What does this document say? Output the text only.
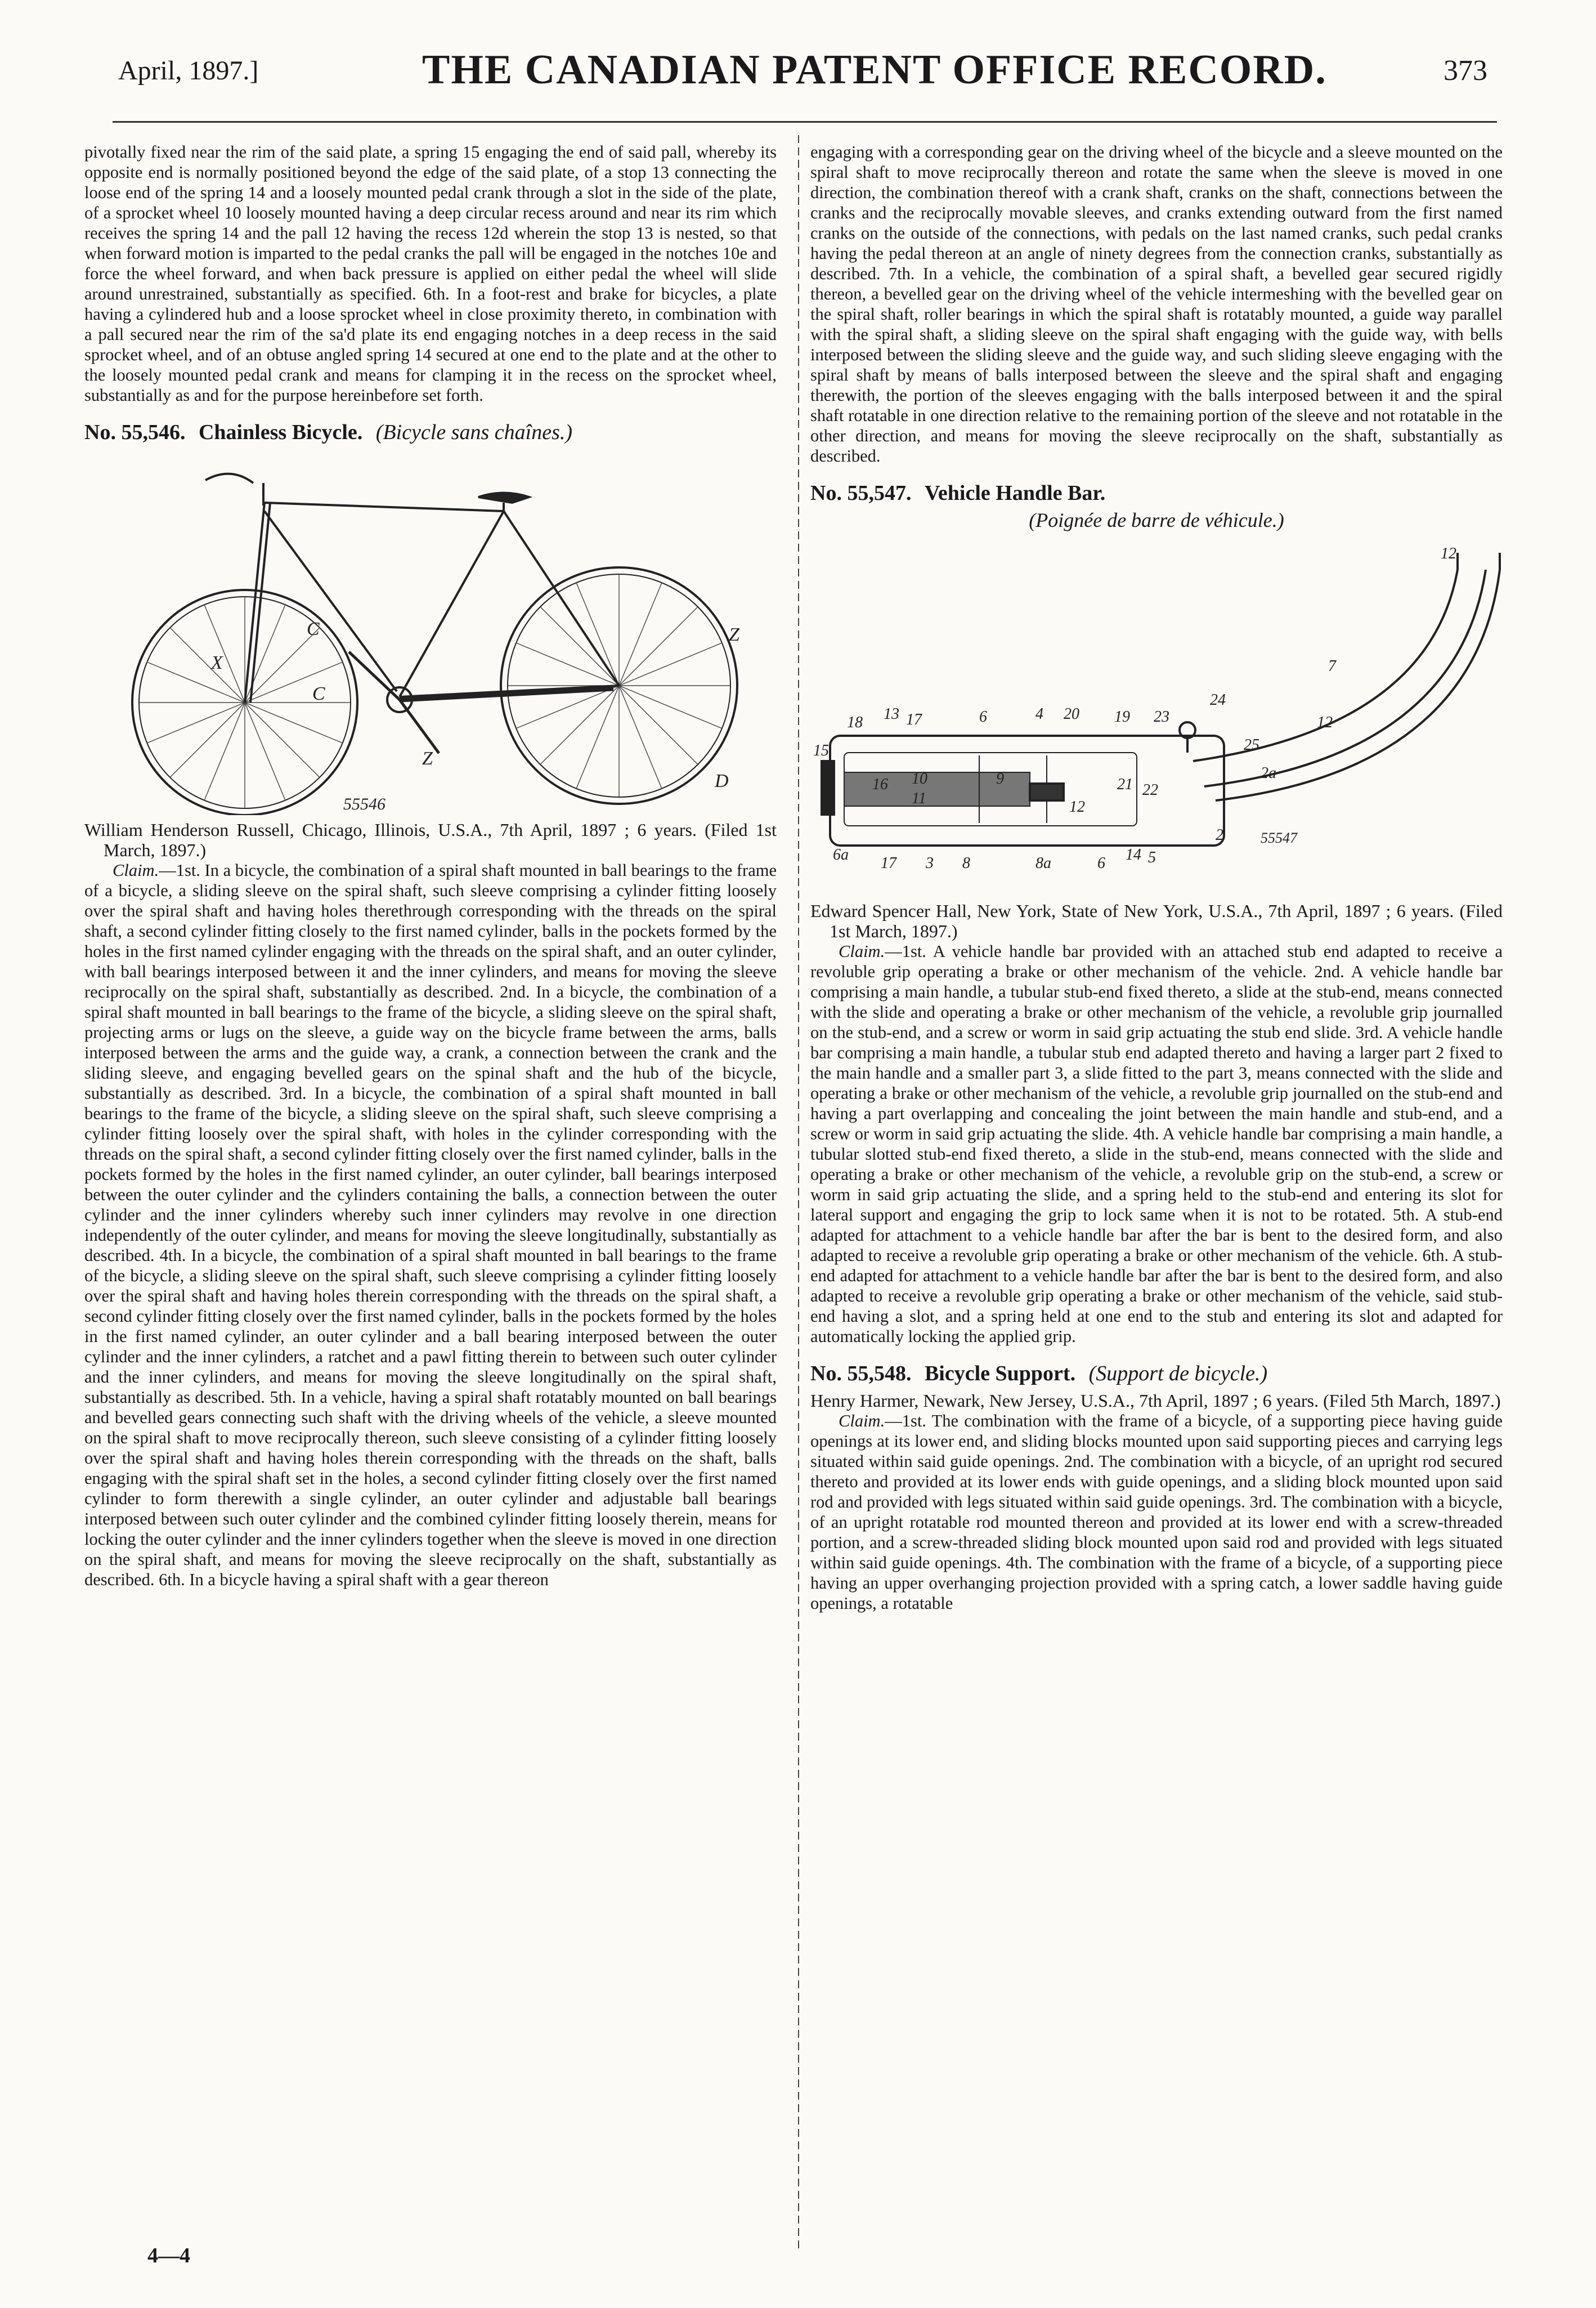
April, 1897.]	THE CANADIAN PATENT OFFICE RECORD.	373

pivotally fixed near the rim of the said plate, a spring 15 engaging the end of said pall, whereby its opposite end is normally positioned beyond the edge of the said plate, of a stop 13 connecting the loose end of the spring 14 and a loosely mounted pedal crank through a slot in the side of the plate, of a sprocket wheel 10 loosely mounted having a deep circular recess around and near its rim which receives the spring 14 and the pall 12 having the recess 12d wherein the stop 13 is nested, so that when forward motion is imparted to the pedal cranks the pall will be engaged in the notches 10e and force the wheel forward, and when back pressure is applied on either pedal the wheel will slide around unrestrained, substantially as specified. 6th. In a foot-rest and brake for bicycles, a plate having a cylindered hub and a loose sprocket wheel in close proximity thereto, in combination with a pall secured near the rim of the sa'd plate its end engaging notches in a deep recess in the said sprocket wheel, and of an obtuse angled spring 14 secured at one end to the plate and at the other to the loosely mounted pedal crank and means for clamping it in the recess on the sprocket wheel, substantially as and for the purpose hereinbefore set forth.

No. 55,546. Chainless Bicycle. (Bicycle sans chaînes.)
C
X
C
Z
Z
D
55546

William Henderson Russell, Chicago, Illinois, U.S.A., 7th April, 1897 ; 6 years. (Filed 1st March, 1897.)

Claim.—1st. In a bicycle, the combination of a spiral shaft mounted in ball bearings to the frame of a bicycle, a sliding sleeve on the spiral shaft, such sleeve comprising a cylinder fitting loosely over the spiral shaft and having holes therethrough corresponding with the threads on the spiral shaft, a second cylinder fitting closely to the first named cylinder, balls in the pockets formed by the holes in the first named cylinder engaging with the threads on the spiral shaft, and an outer cylinder, with ball bearings interposed between it and the inner cylinders, and means for moving the sleeve reciprocally on the spiral shaft, substantially as described. 2nd. In a bicycle, the combination of a spiral shaft mounted in ball bearings to the frame of the bicycle, a sliding sleeve on the spiral shaft, projecting arms or lugs on the sleeve, a guide way on the bicycle frame between the arms, balls interposed between the arms and the guide way, a crank, a connection between the crank and the sliding sleeve, and engaging bevelled gears on the spinal shaft and the hub of the bicycle, substantially as described. 3rd. In a bicycle, the combination of a spiral shaft mounted in ball bearings to the frame of the bicycle, a sliding sleeve on the spiral shaft, such sleeve comprising a cylinder fitting loosely over the spiral shaft, with holes in the cylinder corresponding with the threads on the spiral shaft, a second cylinder fitting closely over the first named cylinder, balls in the pockets formed by the holes in the first named cylinder, an outer cylinder, ball bearings interposed between the outer cylinder and the cylinders containing the balls, a connection between the outer cylinder and the inner cylinders whereby such inner cylinders may revolve in one direction independently of the outer cylinder, and means for moving the sleeve longitudinally, substantially as described. 4th. In a bicycle, the combination of a spiral shaft mounted in ball bearings to the frame of the bicycle, a sliding sleeve on the spiral shaft, such sleeve comprising a cylinder fitting loosely over the spiral shaft and having holes therein corresponding with the threads on the spiral shaft, a second cylinder fitting closely over the first named cylinder, balls in the pockets formed by the holes in the first named cylinder, an outer cylinder and a ball bearing interposed between the outer cylinder and the inner cylinders, a ratchet and a pawl fitting therein to between such outer cylinder and the inner cylinders, and means for moving the sleeve longitudinally on the spiral shaft, substantially as described. 5th. In a vehicle, having a spiral shaft rotatably mounted on ball bearings and bevelled gears connecting such shaft with the driving wheels of the vehicle, a sleeve mounted on the spiral shaft to move reciprocally thereon, such sleeve consisting of a cylinder fitting loosely over the spiral shaft and having holes therein corresponding with the threads on the shaft, balls engaging with the spiral shaft set in the holes, a second cylinder fitting closely over the first named cylinder to form therewith a single cylinder, an outer cylinder and adjustable ball bearings interposed between such outer cylinder and the combined cylinder fitting loosely therein, means for locking the outer cylinder and the inner cylinders together when the sleeve is moved in one direction on the spiral shaft, and means for moving the sleeve reciprocally on the shaft, substantially as described. 6th. In a bicycle having a spiral shaft with a gear thereon

engaging with a corresponding gear on the driving wheel of the bicycle and a sleeve mounted on the spiral shaft to move reciprocally thereon and rotate the same when the sleeve is moved in one direction, the combination thereof with a crank shaft, cranks on the shaft, connections between the cranks and the reciprocally movable sleeves, and cranks extending outward from the first named cranks on the outside of the connections, with pedals on the last named cranks, such pedal cranks having the pedal thereon at an angle of ninety degrees from the connection cranks, substantially as described. 7th. In a vehicle, the combination of a spiral shaft, a bevelled gear secured rigidly thereon, a bevelled gear on the driving wheel of the vehicle intermeshing with the bevelled gear on the spiral shaft, roller bearings in which the spiral shaft is rotatably mounted, a guide way parallel with the spiral shaft, a sliding sleeve on the spiral shaft engaging with the guide way, with bells interposed between the sliding sleeve and the guide way, and such sliding sleeve engaging with the spiral shaft by means of balls interposed between the sleeve and the spiral shaft and engaging therewith, the portion of the sleeves engaging with the balls interposed between it and the spiral shaft rotatable in one direction relative to the remaining portion of the sleeve and not rotatable in the other direction, and means for moving the sleeve reciprocally on the shaft, substantially as described.

No. 55,547. Vehicle Handle Bar.
(Poignée de barre de véhicule.)
12
7
12
2a
25
24
23
19
20
4
6
17
13
18
15
16 10
11
9	21 22
12
2
5
14
6
8a
8
3
17
6a
55547

Edward Spencer Hall, New York, State of New York, U.S.A., 7th April, 1897 ; 6 years. (Filed 1st March, 1897.)

Claim.—1st. A vehicle handle bar provided with an attached stub end adapted to receive a revoluble grip operating a brake or other mechanism of the vehicle. 2nd. A vehicle handle bar comprising a main handle, a tubular stub-end fixed thereto, a slide at the stub-end, means connected with the slide and operating a brake or other mechanism of the vehicle, a revoluble grip journalled on the stub-end, and a screw or worm in said grip actuating the stub end slide. 3rd. A vehicle handle bar comprising a main handle, a tubular stub end adapted thereto and having a larger part 2 fixed to the main handle and a smaller part 3, a slide fitted to the part 3, means connected with the slide and operating a brake or other mechanism of the vehicle, a revoluble grip journalled on the stub-end and having a part overlapping and concealing the joint between the main handle and stub-end, and a screw or worm in said grip actuating the slide. 4th. A vehicle handle bar comprising a main handle, a tubular slotted stub-end fixed thereto, a slide in the stub-end, means connected with the slide and operating a brake or other mechanism of the vehicle, a revoluble grip on the stub-end, a screw or worm in said grip actuating the slide, and a spring held to the stub-end and entering its slot for lateral support and engaging the grip to lock same when it is not to be rotated. 5th. A stub-end adapted for attachment to a vehicle handle bar after the bar is bent to the desired form, and also adapted to receive a revoluble grip operating a brake or other mechanism of the vehicle. 6th. A stub-end adapted for attachment to a vehicle handle bar after the bar is bent to the desired form, and also adapted to receive a revoluble grip operating a brake or other mechanism of the vehicle, said stub-end having a slot, and a spring held at one end to the stub and entering its slot and adapted for automatically locking the applied grip.

No. 55,548. Bicycle Support. (Support de bicycle.)

Henry Harmer, Newark, New Jersey, U.S.A., 7th April, 1897 ; 6 years. (Filed 5th March, 1897.)

Claim.—1st. The combination with the frame of a bicycle, of a supporting piece having guide openings at its lower end, and sliding blocks mounted upon said supporting pieces and carrying legs situated within said guide openings. 2nd. The combination with a bicycle, of an upright rod secured thereto and provided at its lower ends with guide openings, and a sliding block mounted upon said rod and provided with legs situated within said guide openings. 3rd. The combination with a bicycle, of an upright rotatable rod mounted thereon and provided at its lower end with a screw-threaded portion, and a screw-threaded sliding block mounted upon said rod and provided with legs situated within said guide openings. 4th. The combination with the frame of a bicycle, of a supporting piece having an upper overhanging projection provided with a spring catch, a lower saddle having guide openings, a rotatable

4—4
